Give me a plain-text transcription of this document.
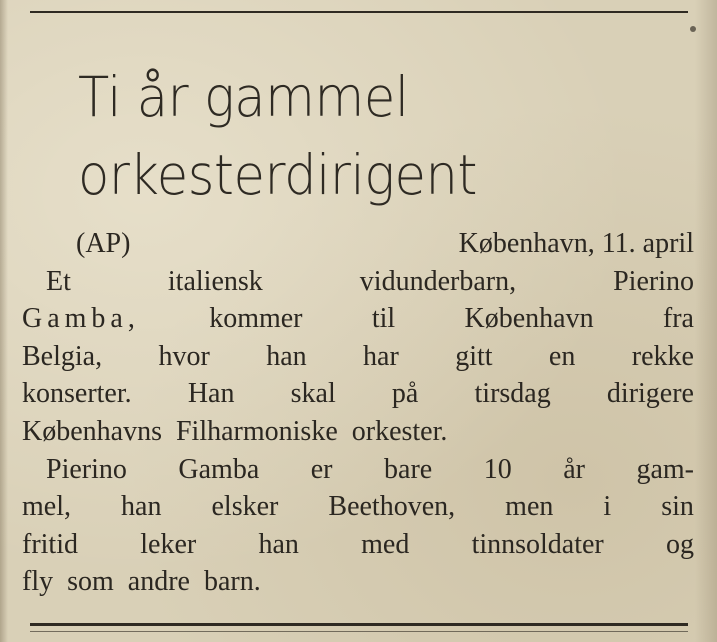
Ti år gammel
orkesterdirigent
(AP)	København, 11. april
Et	italiensk	vidunderbarn,	Pierino
Gamba, kommer til København fra
Belgia, hvor han har gitt en rekke
konserter. Han skal på tirsdag dirigere
Københavns Filharmoniske orkester.
Pierino Gamba er bare 10 år gam-
mel, han elsker Beethoven, men i sin
fritid leker han med tinnsoldater og
fly som andre barn.
